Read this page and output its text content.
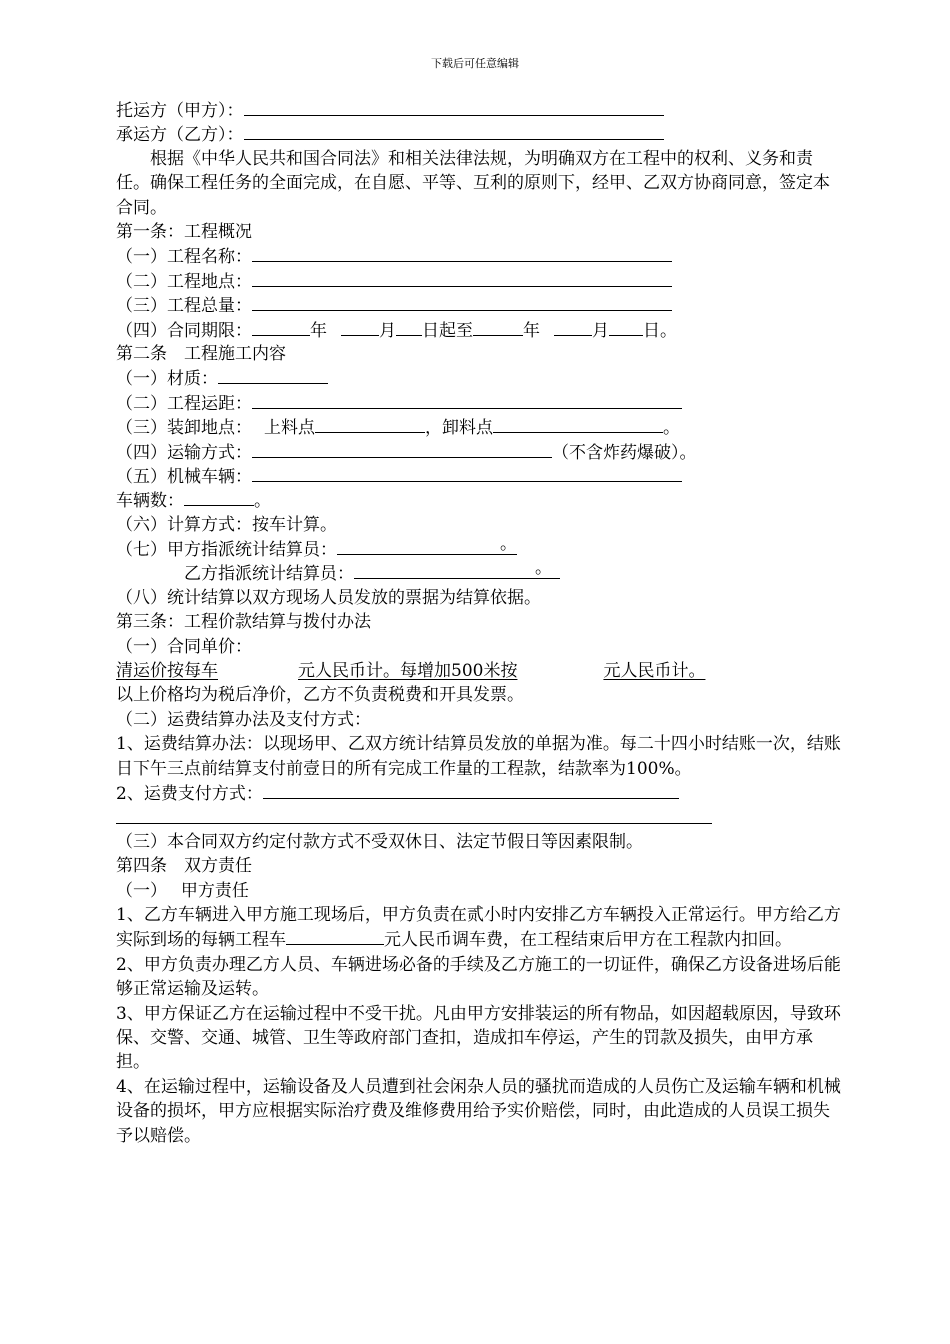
下载后可任意编辑
托运方（甲方）：
承运方（乙方）：
根据《中华人民共和国合同法》和相关法律法规，为明确双方在工程中的权利、义务和责任。确保工程任务的全面完成，在自愿、平等、互利的原则下，经甲、乙双方协商同意，签定本合同。
第一条：工程概况
（一）工程名称：
（二）工程地点：
（三）工程总量：
（四）合同期限：	年	月 日起至	年	月 日。
第二条　工程施工内容
（一）材质：
（二）工程运距：
（三）装卸地点： 上料点	，卸料点	。
（四）运输方式：	（不含炸药爆破）。
（五）机械车辆：
车辆数：	。
（六）计算方式：按车计算。
（七）甲方指派统计结算员：	。
乙方指派统计结算员：	。
（八）统计结算以双方现场人员发放的票据为结算依据。
第三条：工程价款结算与拨付办法
（一）合同单价：
清运价按每车	元人民币计。每增加500米按	元人民币计。
以上价格均为税后净价，乙方不负责税费和开具发票。
（二）运费结算办法及支付方式：
1、运费结算办法：以现场甲、乙双方统计结算员发放的单据为准。每二十四小时结账一次，结账日下午三点前结算支付前壹日的所有完成工作量的工程款，结款率为100%。
2、运费支付方式：
（三）本合同双方约定付款方式不受双休日、法定节假日等因素限制。
第四条　双方责任
（一）　 甲方责任
1、乙方车辆进入甲方施工现场后，甲方负责在贰小时内安排乙方车辆投入正常运行。甲方给乙方实际到场的每辆工程车	元人民币调车费，在工程结束后甲方在工程款内扣回。
2、甲方负责办理乙方人员、车辆进场必备的手续及乙方施工的一切证件，确保乙方设备进场后能够正常运输及运转。
3、甲方保证乙方在运输过程中不受干扰。凡由甲方安排装运的所有物品，如因超载原因，导致环保、交警、交通、城管、卫生等政府部门查扣，造成扣车停运，产生的罚款及损失，由甲方承担。
4、在运输过程中，运输设备及人员遭到社会闲杂人员的骚扰而造成的人员伤亡及运输车辆和机械设备的损坏，甲方应根据实际治疗费及维修费用给予实价赔偿，同时，由此造成的人员误工损失予以赔偿。
